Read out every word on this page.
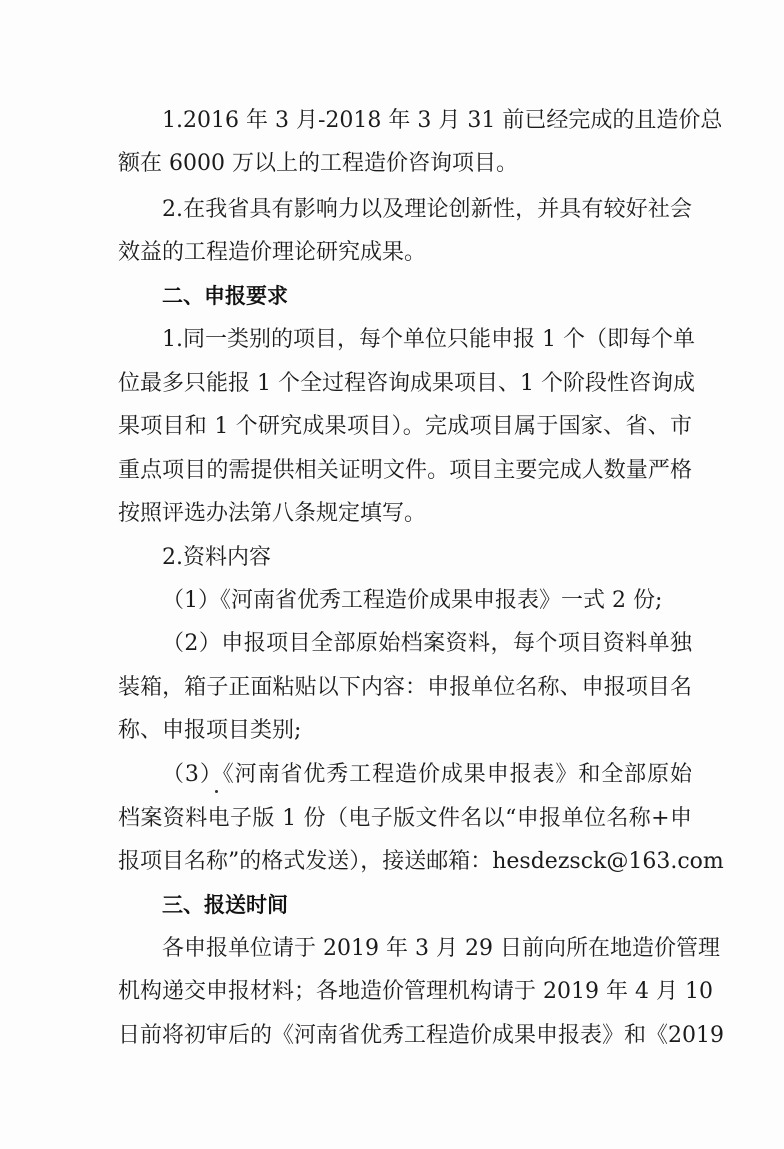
1.2016 年 3 月-2018 年 3 月 31 前已经完成的且造价总
额在 6000 万以上的工程造价咨询项目。
2.在我省具有影响力以及理论创新性，并具有较好社会
效益的工程造价理论研究成果。
二、申报要求
1.同一类别的项目，每个单位只能申报 1 个（即每个单
位最多只能报 1 个全过程咨询成果项目、1 个阶段性咨询成
果项目和 1 个研究成果项目）。完成项目属于国家、省、市
重点项目的需提供相关证明文件。项目主要完成人数量严格
按照评选办法第八条规定填写。
2.资料内容
（1）《河南省优秀工程造价成果申报表》一式 2 份;
（2）申报项目全部原始档案资料，每个项目资料单独
装箱，箱子正面粘贴以下内容：申报单位名称、申报项目名
称、申报项目类别;
（3）《河南省优秀工程造价成果申报表》和全部原始
档案资料电子版 1 份（电子版文件名以“申报单位名称+申
报项目名称”的格式发送），接送邮箱：hesdezsck@163.com
三、报送时间
各申报单位请于 2019 年 3 月 29 日前向所在地造价管理
机构递交申报材料；各地造价管理机构请于 2019 年 4 月 10
日前将初审后的《河南省优秀工程造价成果申报表》和《2019
